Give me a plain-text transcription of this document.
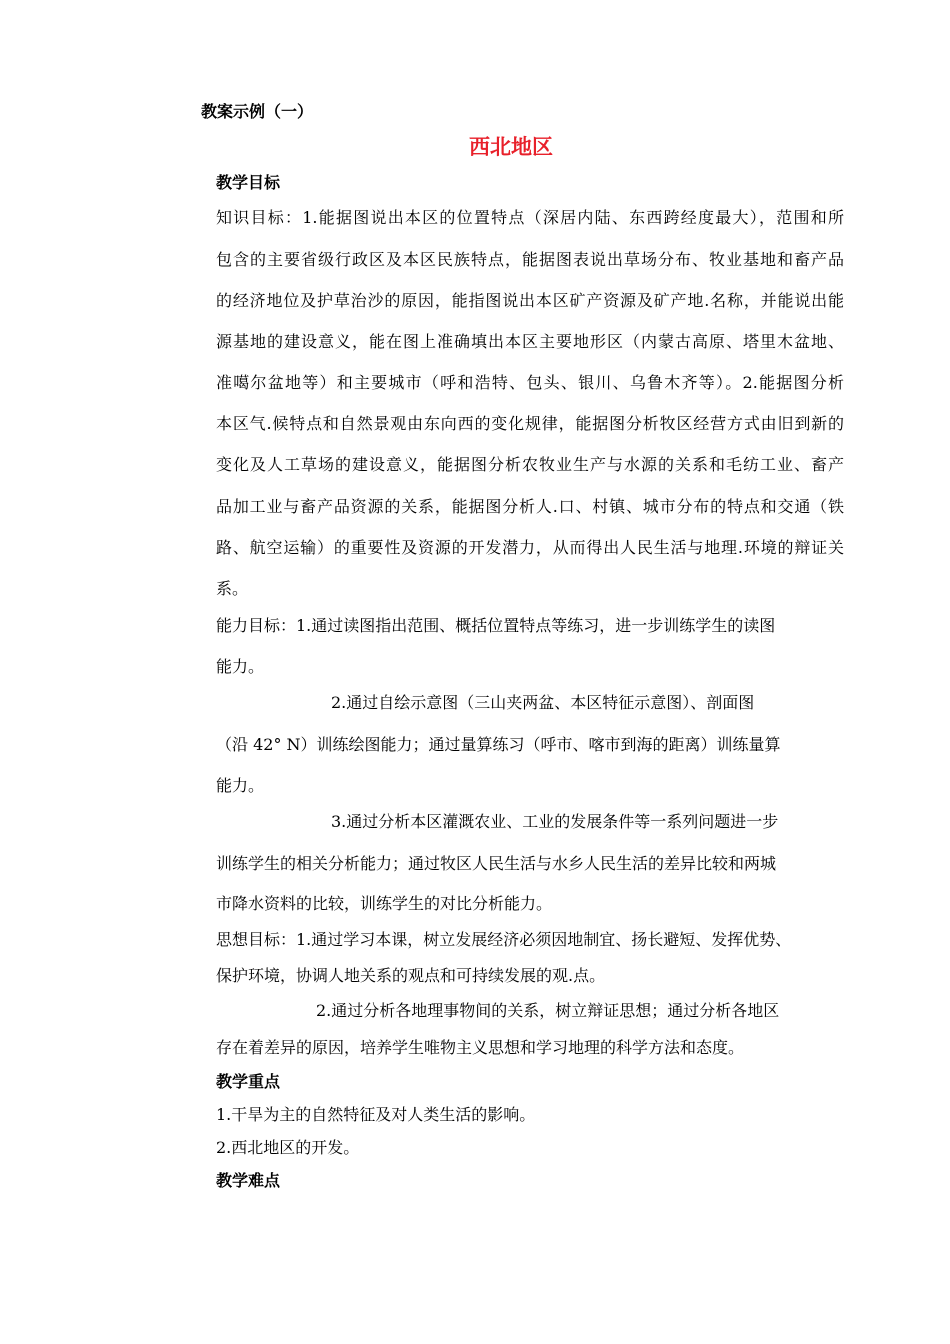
教案示例（一）
西北地区
教学目标
知识目标：1.能据图说出本区的位置特点（深居内陆、东西跨经度最大），范围和所
包含的主要省级行政区及本区民族特点，能据图表说出草场分布、牧业基地和畜产品
的经济地位及护草治沙的原因，能指图说出本区矿产资源及矿产地.名称，并能说出能
源基地的建设意义，能在图上准确填出本区主要地形区（内蒙古高原、塔里木盆地、
准噶尔盆地等）和主要城市（呼和浩特、包头、银川、乌鲁木齐等）。2.能据图分析
本区气.候特点和自然景观由东向西的变化规律，能据图分析牧区经营方式由旧到新的
变化及人工草场的建设意义，能据图分析农牧业生产与水源的关系和毛纺工业、畜产
品加工业与畜产品资源的关系，能据图分析人.口、村镇、城市分布的特点和交通（铁
路、航空运输）的重要性及资源的开发潜力，从而得出人民生活与地理.环境的辩证关
系。
能力目标：1.通过读图指出范围、概括位置特点等练习，进一步训练学生的读图
能力。
2.通过自绘示意图（三山夹两盆、本区特征示意图）、剖面图
（沿 42° N）训练绘图能力；通过量算练习（呼市、喀市到海的距离）训练量算
能力。
3.通过分析本区灌溉农业、工业的发展条件等一系列问题进一步
训练学生的相关分析能力；通过牧区人民生活与水乡人民生活的差异比较和两城
市降水资料的比较，训练学生的对比分析能力。
思想目标：1.通过学习本课，树立发展经济必须因地制宜、扬长避短、发挥优势、
保护环境，协调人地关系的观点和可持续发展的观.点。
2.通过分析各地理事物间的关系，树立辩证思想；通过分析各地区
存在着差异的原因，培养学生唯物主义思想和学习地理的科学方法和态度。
教学重点
1.干旱为主的自然特征及对人类生活的影响。
2.西北地区的开发。
教学难点
